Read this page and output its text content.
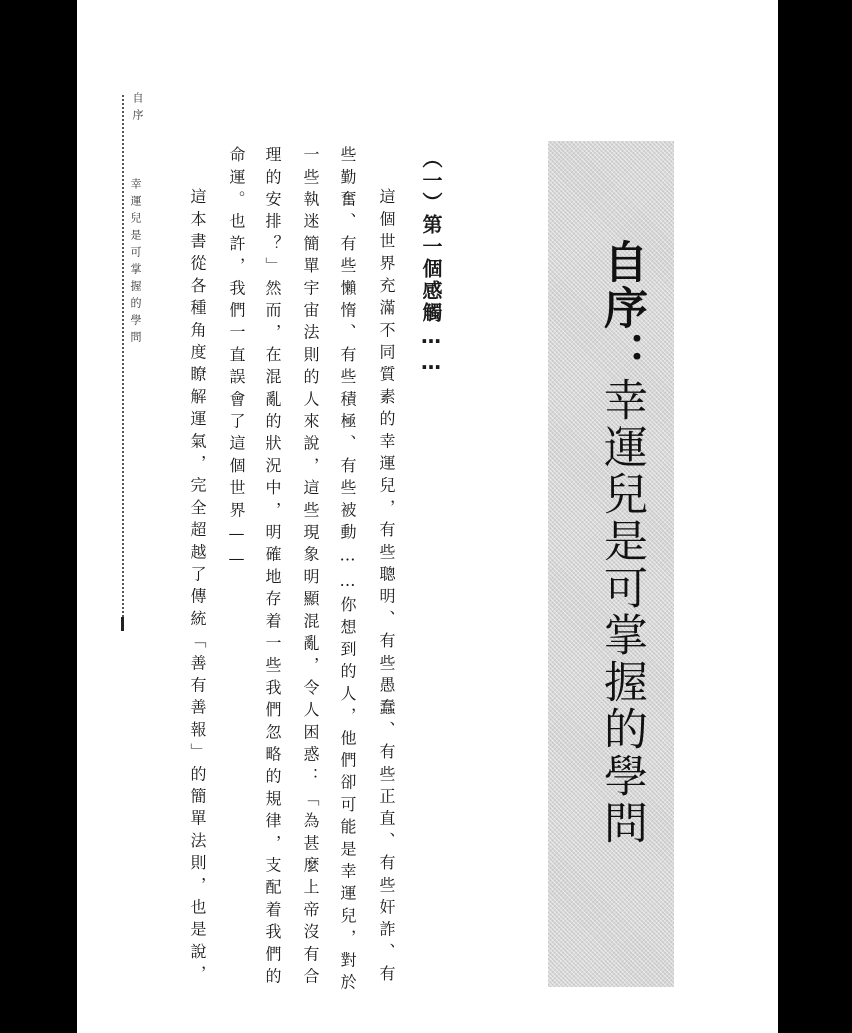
自序
幸運兒是可掌握的學問	這本書從各種角度瞭解運氣，完全超越了傳統「善有善報」的簡單法則，也是說， 命運。也許，我們一直誤會了這個世界—— 理的安排？」然而，在混亂的狀況中，明確地存着一些我們忽略的規律，支配着我們的 一些執迷簡單宇宙法則的人來說，這些現象明顯混亂，令人困惑：「為甚麼上帝沒有合 些勤奮、有些懶惰、有些積極、有些被動……你想到的人，他們卻可能是幸運兒，對於 這個世界充滿不同質素的幸運兒，有些聰明、有些愚蠢、有些正直、有些奸詐、有 ︵一︶第一個感觸……	自序：幸運兒是可掌握的學問
